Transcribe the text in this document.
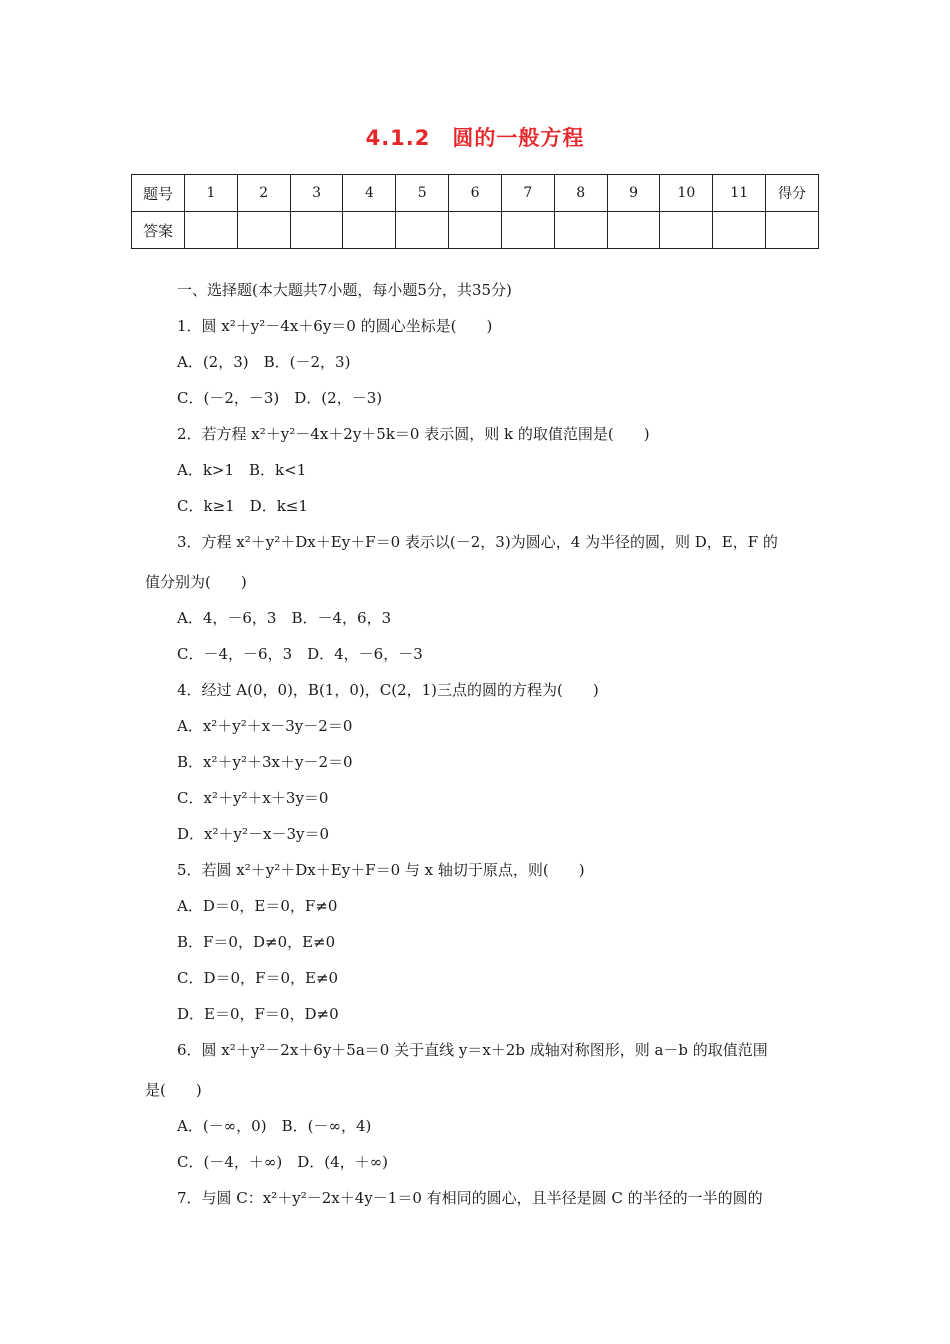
4.1.2　圆的一般方程
题号	1	2	3	4	5	6	7	8	9	10	11	得分
答案												
一、选择题(本大题共7小题，每小题5分，共35分)
1．圆 x²＋y²－4x＋6y＝0 的圆心坐标是(　　)
A．(2，3)　B．(－2，3)
C．(－2，－3)　D．(2，－3)
2．若方程 x²＋y²－4x＋2y＋5k＝0 表示圆，则 k 的取值范围是(　　)
A．k>1　B．k<1
C．k≥1　D．k≤1
3．方程 x²＋y²＋Dx＋Ey＋F＝0 表示以(－2，3)为圆心，4 为半径的圆，则 D，E，F 的
值分别为(　　)
A．4，－6，3　B．－4，6，3
C．－4，－6，3　D．4，－6，－3
4．经过 A(0，0)，B(1，0)，C(2，1)三点的圆的方程为(　　)
A．x²＋y²＋x－3y－2＝0
B．x²＋y²＋3x＋y－2＝0
C．x²＋y²＋x＋3y＝0
D．x²＋y²－x－3y＝0
5．若圆 x²＋y²＋Dx＋Ey＋F＝0 与 x 轴切于原点，则(　　)
A．D＝0，E＝0，F≠0
B．F＝0，D≠0，E≠0
C．D＝0，F＝0，E≠0
D．E＝0，F＝0，D≠0
6．圆 x²＋y²－2x＋6y＋5a＝0 关于直线 y＝x＋2b 成轴对称图形，则 a－b 的取值范围
是(　　)
A．(－∞，0)　B．(－∞，4)
C．(－4，＋∞)　D．(4，＋∞)
7．与圆 C：x²＋y²－2x＋4y－1＝0 有相同的圆心，且半径是圆 C 的半径的一半的圆的
